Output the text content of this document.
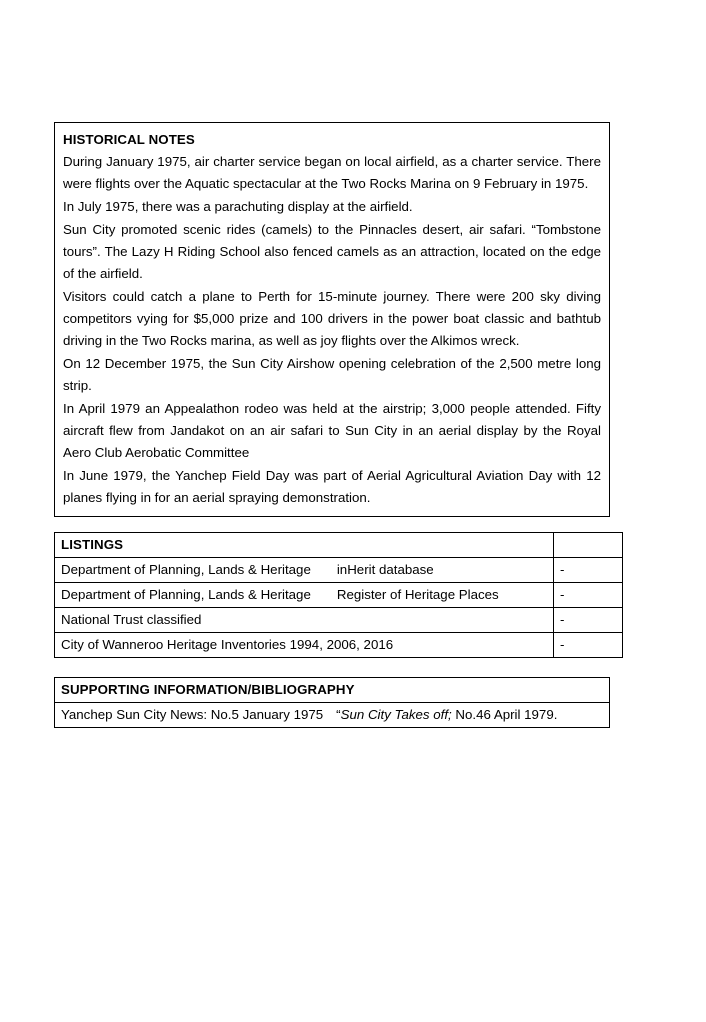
HISTORICAL NOTES

During January 1975, air charter service began on local airfield, as a charter service. There were flights over the Aquatic spectacular at the Two Rocks Marina on 9 February in 1975.

In July 1975, there was a parachuting display at the airfield.

Sun City promoted scenic rides (camels) to the Pinnacles desert, air safari. “Tombstone tours”. The Lazy H Riding School also fenced camels as an attraction, located on the edge of the airfield.

Visitors could catch a plane to Perth for 15-minute journey. There were 200 sky diving competitors vying for $5,000 prize and 100 drivers in the power boat classic and bathtub driving in the Two Rocks marina, as well as joy flights over the Alkimos wreck.

On 12 December 1975, the Sun City Airshow opening celebration of the 2,500 metre long strip.

In April 1979 an Appealathon rodeo was held at the airstrip; 3,000 people attended. Fifty aircraft flew from Jandakot on an air safari to Sun City in an aerial display by the Royal Aero Club Aerobatic Committee

In June 1979, the Yanchep Field Day was part of Aerial Agricultural Aviation Day with 12 planes flying in for an aerial spraying demonstration.

LISTINGS	
Department of Planning, Lands & Heritage inHerit database	-
Department of Planning, Lands & Heritage Register of Heritage Places	-
National Trust classified	-
City of Wanneroo Heritage Inventories 1994, 2006, 2016	-
SUPPORTING INFORMATION/BIBLIOGRAPHY
Yanchep Sun City News: No.5 January 1975 “Sun City Takes off; No.46 April 1979.
